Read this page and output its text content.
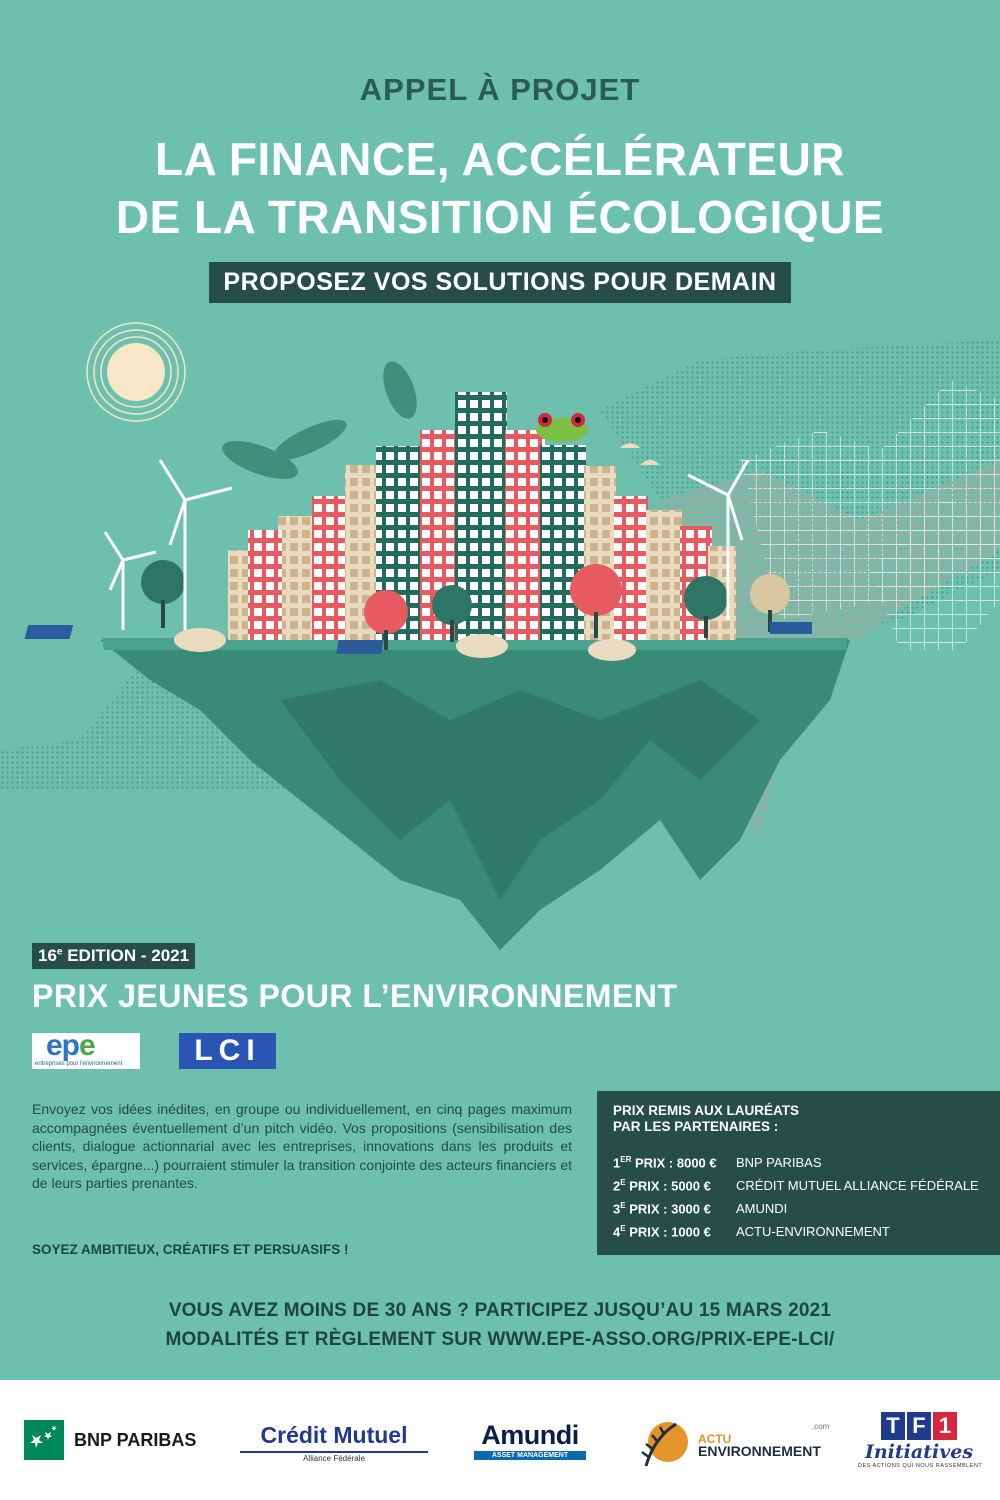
APPEL À PROJET
LA FINANCE, ACCÉLÉRATEUR
DE LA TRANSITION ÉCOLOGIQUE
PROPOSEZ VOS SOLUTIONS POUR DEMAIN
16e EDITION - 2021
PRIX JEUNES POUR L’ENVIRONNEMENT
epe
entreprises pour l'environnement	LCI
Envoyez vos idées inédites, en groupe ou individuellement, en cinq pages maximum accompagnées éventuellement d’un pitch vidéo. Vos propositions (sensibilisation des clients, dialogue actionnarial avec les entreprises, innovations dans les produits et services, épargne...) pourraient stimuler la transition conjointe des acteurs financiers et de leurs parties prenantes.
SOYEZ AMBITIEUX, CRÉATIFS ET PERSUASIFS !
PRIX REMIS AUX LAURÉATS
PAR LES PARTENAIRES :
1ER PRIX : 8000 €	BNP PARIBAS
$2^E$ PRIX : 5000 €	CRÉDIT MUTUEL ALLIANCE FÉDÉRALE
$3^E$ PRIX : 3000 €	AMUNDI
$4^E$ PRIX : 1000 €	ACTU-ENVIRONNEMENT
VOUS AVEZ MOINS DE 30 ANS ? PARTICIPEZ JUSQU’AU 15 MARS 2021
MODALITÉS ET RÈGLEMENT SUR WWW.EPE-ASSO.ORG/PRIX-EPE-LCI/
BNP PARIBAS	Crédit Mutuel
Alliance Fédérale
Amundi
ASSET MANAGEMENT
.com
ACTU
ENVIRONNEMENT
T F 1
Initiatives
DES ACTIONS QUI NOUS RASSEMBLENT
